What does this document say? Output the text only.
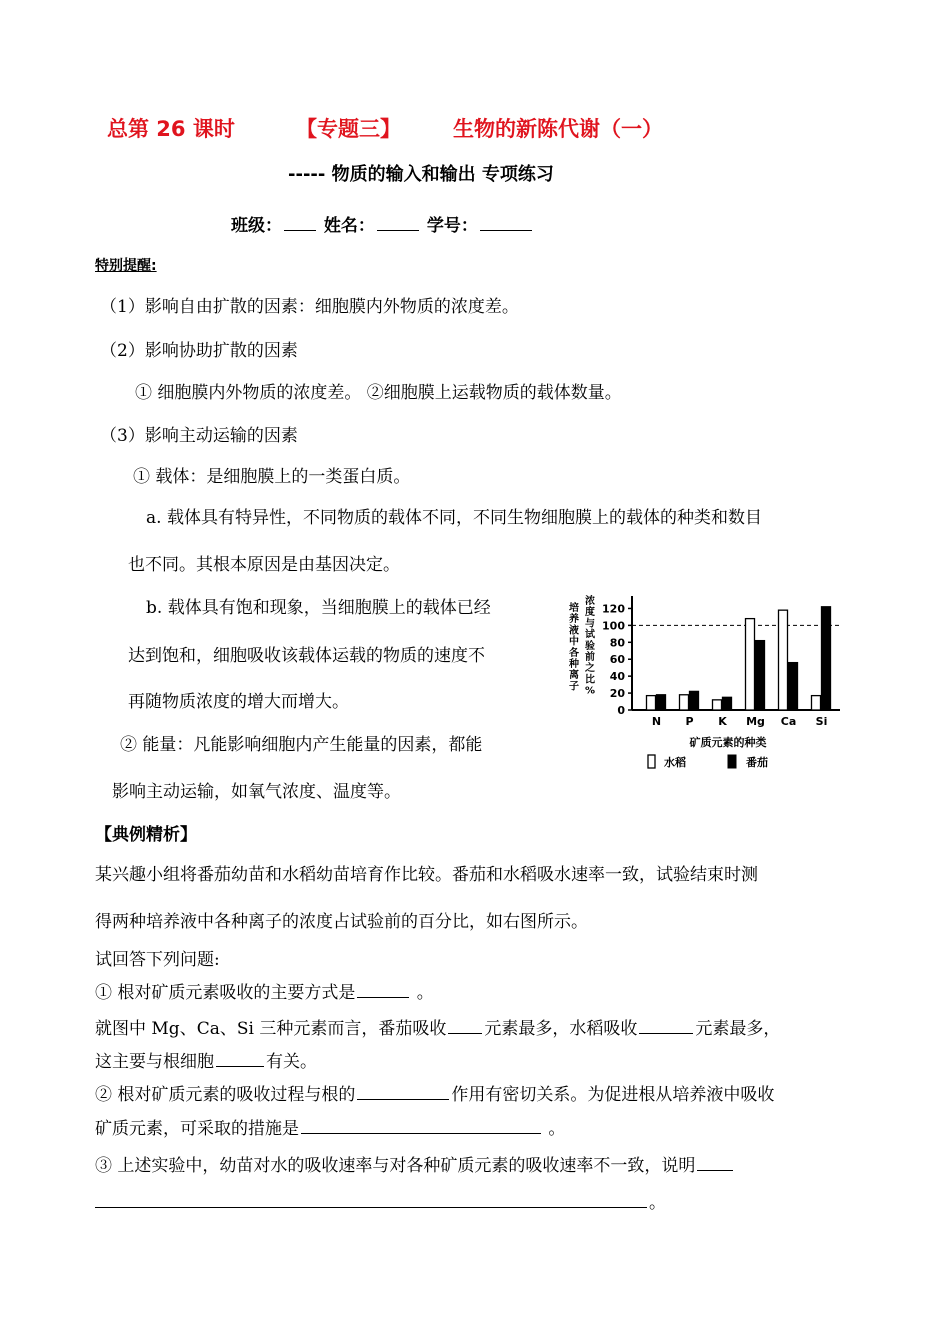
总第 26 课时	【专题三】 生物的新陈代谢（一）
----- 物质的输入和输出 专项练习
班级： 姓名：	学号：
特别提醒:
（1）影响自由扩散的因素：细胞膜内外物质的浓度差。
（2）影响协助扩散的因素
① 细胞膜内外物质的浓度差。 ②细胞膜上运载物质的载体数量。
（3）影响主动运输的因素
① 载体：是细胞膜上的一类蛋白质。
a. 载体具有特异性，不同物质的载体不同，不同生物细胞膜上的载体的种类和数目
也不同。其根本原因是由基因决定。
b. 载体具有饱和现象，当细胞膜上的载体已经
达到饱和，细胞吸收该载体运载的物质的速度不
再随物质浓度的增大而增大。
② 能量：凡能影响细胞内产生能量的因素，都能
影响主动运输，如氧气浓度、温度等。
培养液中各种离子
浓度与试验前之比%
0
20
40
60
80
100
120
N P K Mg Ca Si
矿质元素的种类
水稻	番茄
【典例精析】
某兴趣小组将番茄幼苗和水稻幼苗培育作比较。番茄和水稻吸水速率一致，试验结束时测
得两种培养液中各种离子的浓度占试验前的百分比，如右图所示。
试回答下列问题:
① 根对矿质元素吸收的主要方式是	。
就图中 Mg、Ca、Si 三种元素而言，番茄吸收 元素最多，水稻吸收	元素最多，
这主要与根细胞	有关。
② 根对矿质元素的吸收过程与根的	作用有密切关系。为促进根从培养液中吸收
矿质元素，可采取的措施是	。
③ 上述实验中，幼苗对水的吸收速率与对各种矿质元素的吸收速率不一致，说明
。
